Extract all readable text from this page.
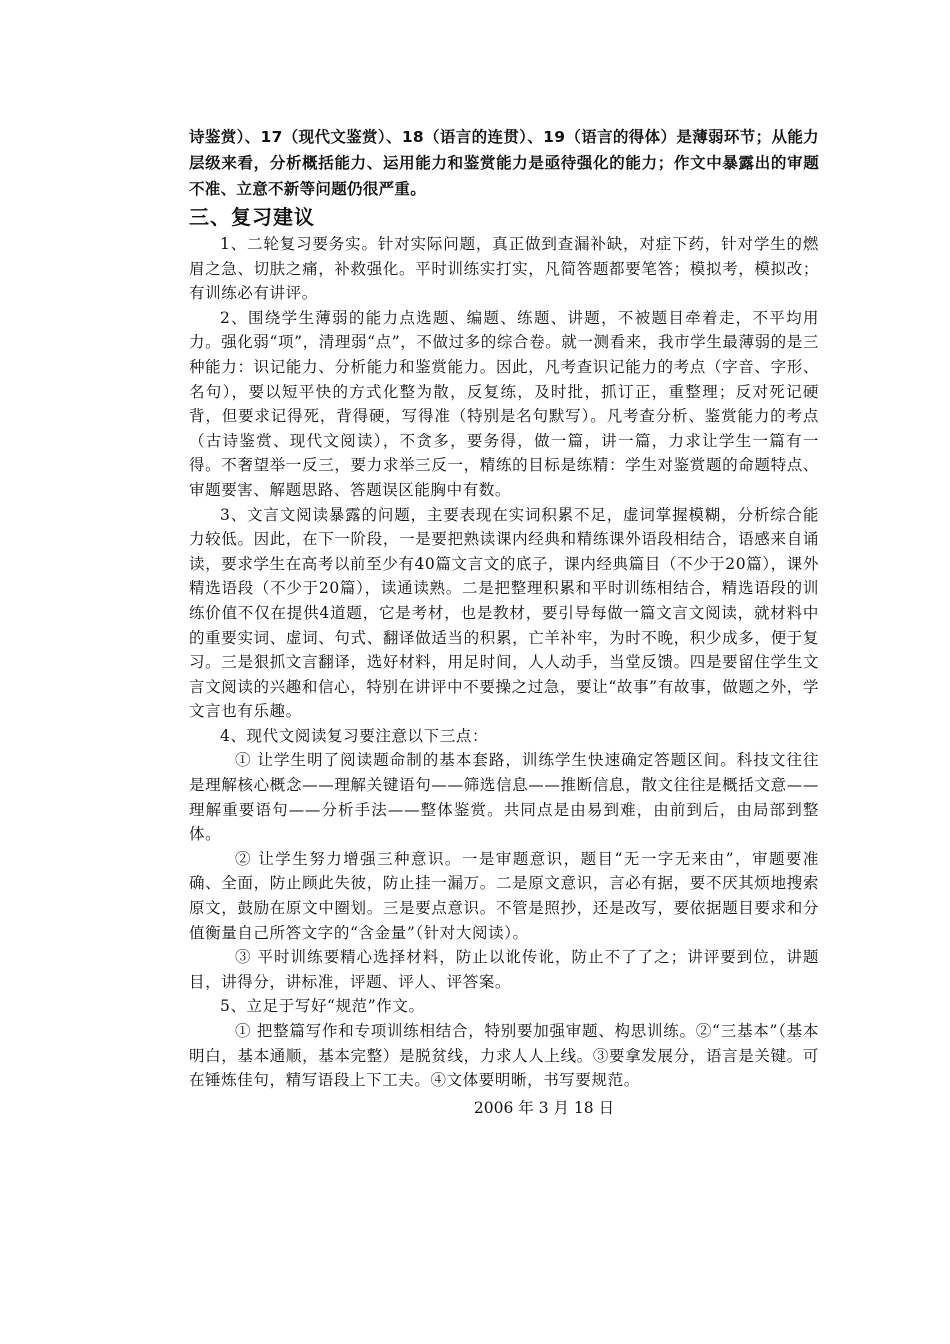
诗鉴赏）、17（现代文鉴赏）、18（语言的连贯）、19（语言的得体）是薄弱环节；从能力层级来看，分析概括能力、运用能力和鉴赏能力是亟待强化的能力；作文中暴露出的审题不准、立意不新等问题仍很严重。

三、复习建议

1、二轮复习要务实。针对实际问题，真正做到查漏补缺，对症下药，针对学生的燃眉之急、切肤之痛，补救强化。平时训练实打实，凡简答题都要笔答；模拟考，模拟改；有训练必有讲评。

2、围绕学生薄弱的能力点选题、编题、练题、讲题，不被题目牵着走，不平均用力。强化弱“项”，清理弱“点”，不做过多的综合卷。就一测看来，我市学生最薄弱的是三种能力：识记能力、分析能力和鉴赏能力。因此，凡考查识记能力的考点（字音、字形、名句），要以短平快的方式化整为散，反复练，及时批，抓订正，重整理；反对死记硬背，但要求记得死，背得硬，写得准（特别是名句默写）。凡考查分析、鉴赏能力的考点（古诗鉴赏、现代文阅读），不贪多，要务得，做一篇，讲一篇，力求让学生一篇有一得。不奢望举一反三，要力求举三反一，精练的目标是练精：学生对鉴赏题的命题特点、审题要害、解题思路、答题误区能胸中有数。

3、文言文阅读暴露的问题，主要表现在实词积累不足，虚词掌握模糊，分析综合能力较低。因此，在下一阶段，一是要把熟读课内经典和精练课外语段相结合，语感来自诵读，要求学生在高考以前至少有40篇文言文的底子，课内经典篇目（不少于20篇），课外精选语段（不少于20篇），读通读熟。二是把整理积累和平时训练相结合，精选语段的训练价值不仅在提供4道题，它是考材，也是教材，要引导每做一篇文言文阅读，就材料中的重要实词、虚词、句式、翻译做适当的积累，亡羊补牢，为时不晚，积少成多，便于复习。三是狠抓文言翻译，选好材料，用足时间，人人动手，当堂反馈。四是要留住学生文言文阅读的兴趣和信心，特别在讲评中不要操之过急，要让“故事”有故事，做题之外，学文言也有乐趣。

4、现代文阅读复习要注意以下三点：

① 让学生明了阅读题命制的基本套路，训练学生快速确定答题区间。科技文往往是理解核心概念——理解关键语句——筛选信息——推断信息，散文往往是概括文意——理解重要语句——分析手法——整体鉴赏。共同点是由易到难，由前到后，由局部到整体。

② 让学生努力增强三种意识。一是审题意识，题目“无一字无来由”，审题要准确、全面，防止顾此失彼，防止挂一漏万。二是原文意识，言必有据，要不厌其烦地搜索原文，鼓励在原文中圈划。三是要点意识。不管是照抄，还是改写，要依据题目要求和分值衡量自己所答文字的“含金量”（针对大阅读）。

③ 平时训练要精心选择材料，防止以讹传讹，防止不了了之；讲评要到位，讲题目，讲得分，讲标准，评题、评人、评答案。

5、立足于写好“规范”作文。

① 把整篇写作和专项训练相结合，特别要加强审题、构思训练。②“三基本”（基本明白，基本通顺，基本完整）是脱贫线，力求人人上线。③要拿发展分，语言是关键。可在锤炼佳句，精写语段上下工夫。④文体要明晰，书写要规范。

2006 年 3 月 18 日
